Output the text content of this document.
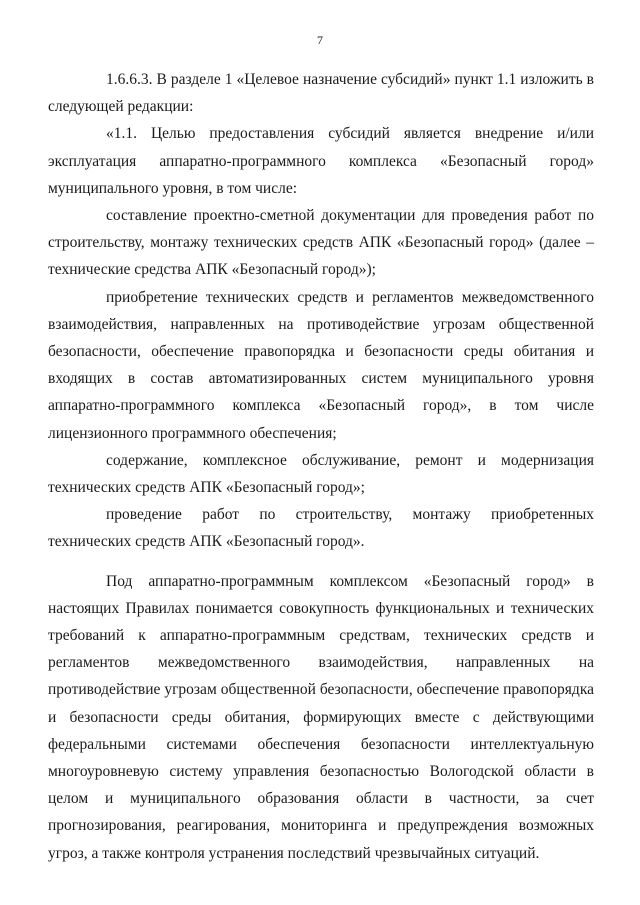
7

1.6.6.3. В разделе 1 «Целевое назначение субсидий» пункт 1.1 изложить в следующей редакции:

«1.1. Целью предоставления субсидий является внедрение и/или эксплуатация аппаратно-программного комплекса «Безопасный город» муниципального уровня, в том числе:

составление проектно-сметной документации для проведения работ по строительству, монтажу технических средств АПК «Безопасный город» (далее – технические средства АПК «Безопасный город»);

приобретение технических средств и регламентов межведомственного взаимодействия, направленных на противодействие угрозам общественной безопасности, обеспечение правопорядка и безопасности среды обитания и входящих в состав автоматизированных систем муниципального уровня аппаратно-программного комплекса «Безопасный город», в том числе лицензионного программного обеспечения;

содержание, комплексное обслуживание, ремонт и модернизация технических средств АПК «Безопасный город»;

проведение работ по строительству, монтажу приобретенных технических средств АПК «Безопасный город».

Под аппаратно-программным комплексом «Безопасный город» в настоящих Правилах понимается совокупность функциональных и технических требований к аппаратно-программным средствам, технических средств и регламентов межведомственного взаимодействия, направленных на противодействие угрозам общественной безопасности, обеспечение правопорядка и безопасности среды обитания, формирующих вместе с действующими федеральными системами обеспечения безопасности интеллектуальную многоуровневую систему управления безопасностью Вологодской области в целом и муниципального образования области в частности, за счет прогнозирования, реагирования, мониторинга и предупреждения возможных угроз, а также контроля устранения последствий чрезвычайных ситуаций.
